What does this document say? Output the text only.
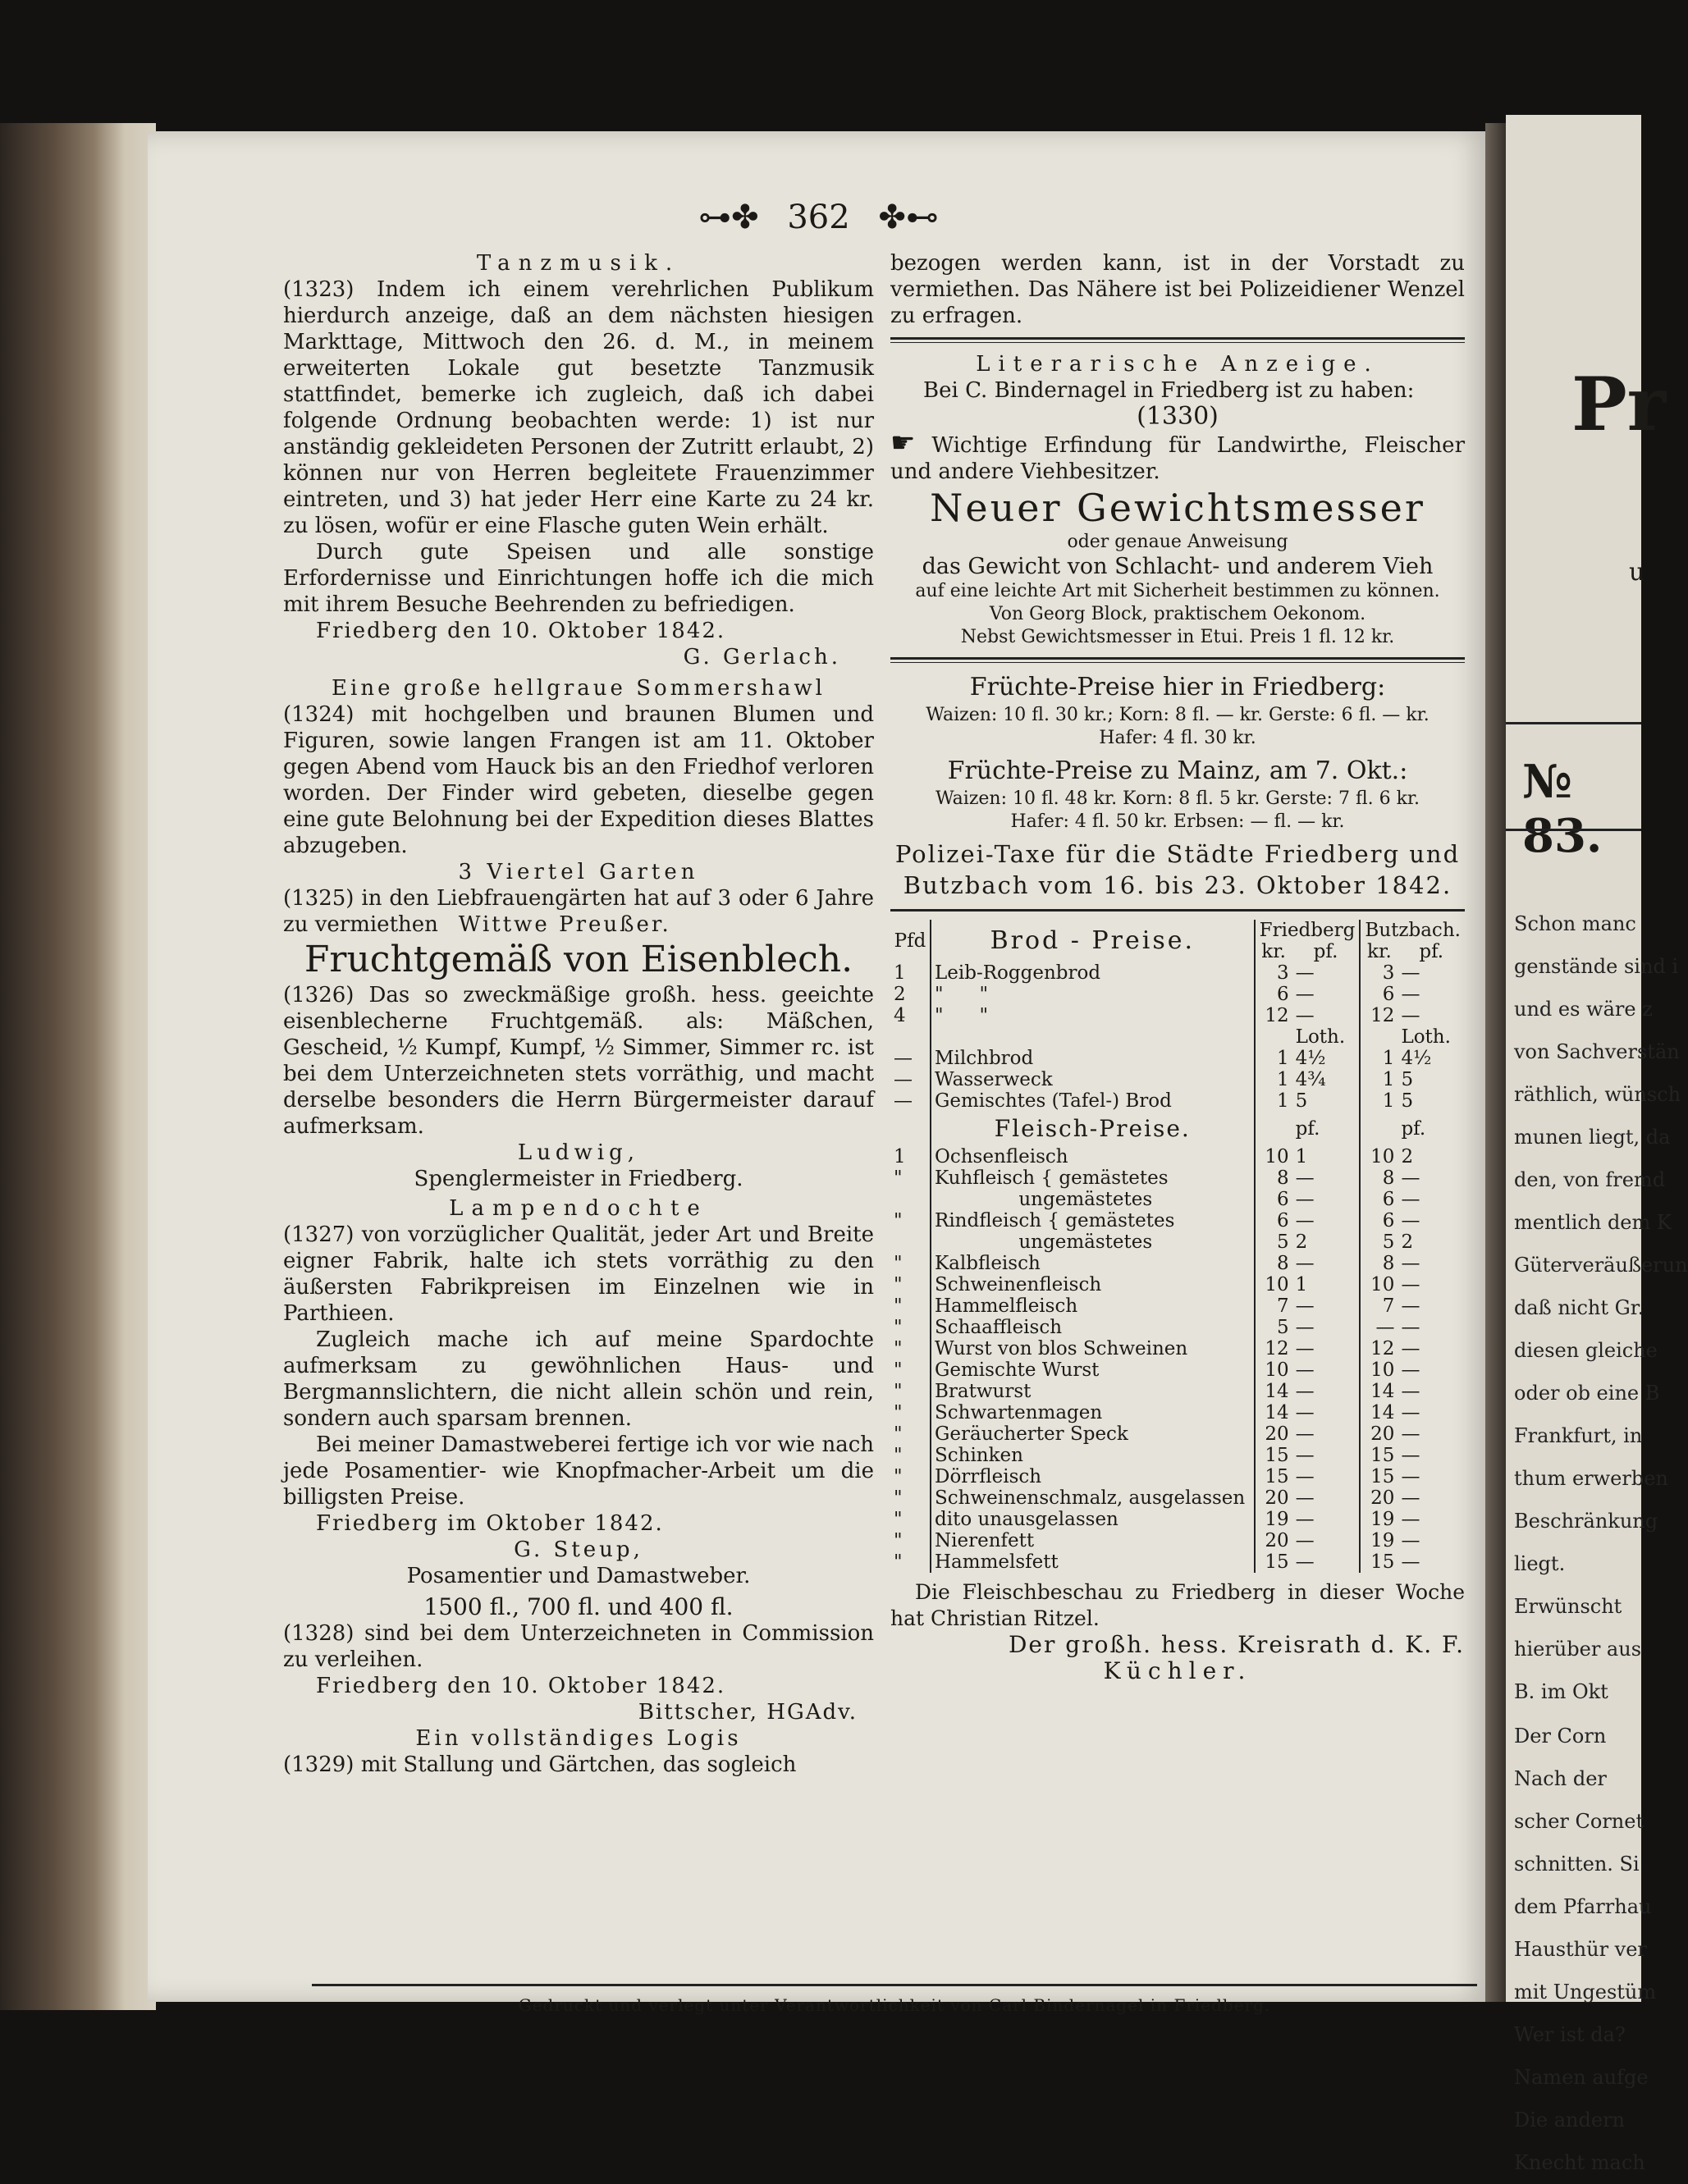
⊶✤ 362 ✤⊷

Tanzmusik.

(1323) Indem ich einem verehrlichen Publikum hierdurch anzeige, daß an dem nächsten hiesigen Markttage, Mittwoch den 26. d. M., in meinem erweiterten Lokale gut besetzte Tanzmusik stattfindet, bemerke ich zugleich, daß ich dabei folgende Ordnung beobachten werde: 1) ist nur anständig gekleideten Personen der Zutritt erlaubt, 2) können nur von Herren begleitete Frauenzimmer eintreten, und 3) hat jeder Herr eine Karte zu 24 kr. zu lösen, wofür er eine Flasche guten Wein erhält.

Durch gute Speisen und alle sonstige Erfordernisse und Einrichtungen hoffe ich die mich mit ihrem Besuche Beehrenden zu befriedigen.

Friedberg den 10. Oktober 1842.

G. Gerlach.

Eine große hellgraue Sommershawl

(1324) mit hochgelben und braunen Blumen und Figuren, sowie langen Frangen ist am 11. Oktober gegen Abend vom Hauck bis an den Friedhof verloren worden. Der Finder wird gebeten, dieselbe gegen eine gute Belohnung bei der Expedition dieses Blattes abzugeben.

3 Viertel Garten

(1325) in den Liebfrauengärten hat auf 3 oder 6 Jahre zu vermiethen Wittwe Preußer.

Fruchtgemäß von Eisenblech.

(1326) Das so zweckmäßige großh. hess. geeichte eisenblecherne Fruchtgemäß. als: Mäßchen, Gescheid, ½ Kumpf, Kumpf, ½ Simmer, Simmer rc. ist bei dem Unterzeichneten stets vorräthig, und macht derselbe besonders die Herrn Bürgermeister darauf aufmerksam.

Ludwig,

Spenglermeister in Friedberg.

Lampendochte

(1327) von vorzüglicher Qualität, jeder Art und Breite eigner Fabrik, halte ich stets vorräthig zu den äußersten Fabrikpreisen im Einzelnen wie in Parthieen.

Zugleich mache ich auf meine Spardochte aufmerksam zu gewöhnlichen Haus- und Bergmannslichtern, die nicht allein schön und rein, sondern auch sparsam brennen.

Bei meiner Damastweberei fertige ich vor wie nach jede Posamentier- wie Knopfmacher-Arbeit um die billigsten Preise.

Friedberg im Oktober 1842.

G. Steup,

Posamentier und Damastweber.

1500 fl., 700 fl. und 400 fl.

(1328) sind bei dem Unterzeichneten in Commission zu verleihen.

Friedberg den 10. Oktober 1842.

Bittscher, HGAdv.

Ein vollständiges Logis

(1329) mit Stallung und Gärtchen, das sogleich

bezogen werden kann, ist in der Vorstadt zu vermiethen. Das Nähere ist bei Polizeidiener Wenzel zu erfragen.

Literarische Anzeige.

Bei C. Bindernagel in Friedberg ist zu haben:

(1330)

☛ Wichtige Erfindung für Landwirthe, Fleischer und andere Viehbesitzer.

Neuer Gewichtsmesser

oder genaue Anweisung

das Gewicht von Schlacht- und anderem Vieh

auf eine leichte Art mit Sicherheit bestimmen zu können.

Von Georg Block, praktischem Oekonom.

Nebst Gewichtsmesser in Etui. Preis 1 fl. 12 kr.

Früchte-Preise hier in Friedberg:

Waizen: 10 fl. 30 kr.; Korn: 8 fl. — kr. Gerste: 6 fl. — kr.

Hafer: 4 fl. 30 kr.

Früchte-Preise zu Mainz, am 7. Okt.:

Waizen: 10 fl. 48 kr. Korn: 8 fl. 5 kr. Gerste: 7 fl. 6 kr.

Hafer: 4 fl. 50 kr. Erbsen: — fl. — kr.

Polizei-Taxe für die Städte Friedberg und

Butzbach vom 16. bis 23. Oktober 1842.

Pfd	Brod - Preise.	Friedberg		Butzbach.	
		kr.	pf.	kr.	pf.
1	Leib-Roggenbrod	3	—	3	—
2	"      "	6	—	6	—
4	"      "	12	—	12	—
			Loth.		Loth.
—	Milchbrod	1	4½	1	4½
—	Wasserweck	1	4¾	1	5
—	Gemischtes (Tafel-) Brod	1	5	1	5
	Fleisch-Preise.		pf.		pf.
1	Ochsenfleisch	10	1	10	2
"	Kuhfleisch { gemästetes	8	—	8	—
	ungemästetes	6	—	6	—
"	Rindfleisch { gemästetes	6	—	6	—
	ungemästetes	5	2	5	2
"	Kalbfleisch	8	—	8	—
"	Schweinenfleisch	10	1	10	—
"	Hammelfleisch	7	—	7	—
"	Schaaffleisch	5	—	—	—
"	Wurst von blos Schweinen	12	—	12	—
"	Gemischte Wurst	10	—	10	—
"	Bratwurst	14	—	14	—
"	Schwartenmagen	14	—	14	—
"	Geräucherter Speck	20	—	20	—
"	Schinken	15	—	15	—
"	Dörrfleisch	15	—	15	—
"	Schweinenschmalz, ausgelassen	20	—	20	—
"	dito unausgelassen	19	—	19	—
"	Nierenfett	20	—	19	—
"	Hammelsfett	15	—	15	—

Die Fleischbeschau zu Friedberg in dieser Woche hat Christian Ritzel.

Der großh. hess. Kreisrath d. K. F.

Küchler.

Gedruckt und verlegt unter Verantwortlichkeit von Carl Bindernagel in Friedberg.
Pr
u
№ 83.
Schon manc
genstände sind i
und es wäre z
von Sachverstän
räthlich, wünsch
munen liegt, da
den, von fremd
mentlich dem K
Güterveräußerun
daß nicht Gr.
diesen gleiche
oder ob eine B
Frankfurt, in
thum erwerben
Beschränkung
liegt.
Erwünscht
hierüber aus
B. im Okt
Der Corn
Nach der
scher Cornet
schnitten. Si
dem Pfarrhau
Hausthür ver
mit Ungestüm
Wer ist da?
Namen aufge
Die andern
Knecht mach
